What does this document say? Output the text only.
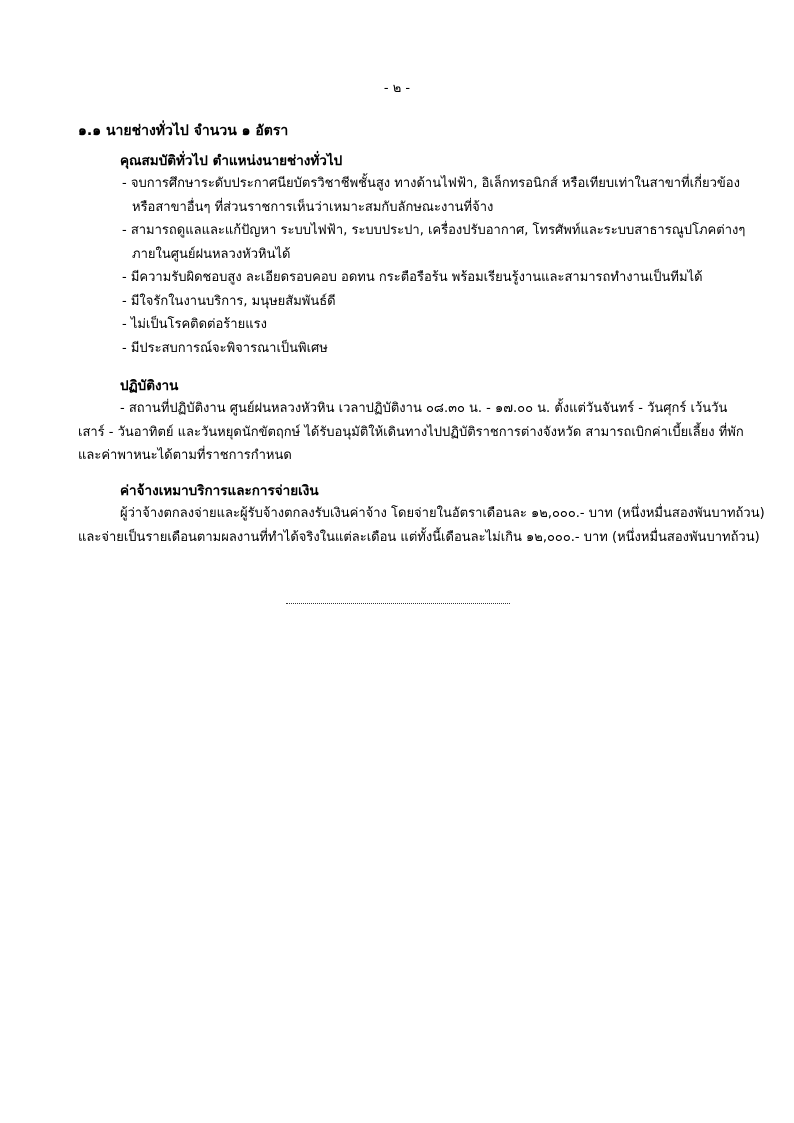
- ๒ -
๑.๑ นายช่างทั่วไป จำนวน ๑ อัตรา
คุณสมบัติทั่วไป ตำแหน่งนายช่างทั่วไป
- จบการศึกษาระดับประกาศนียบัตรวิชาชีพชั้นสูง ทางด้านไฟฟ้า, อิเล็กทรอนิกส์ หรือเทียบเท่าในสาขาที่เกี่ยวข้อง
หรือสาขาอื่นๆ ที่ส่วนราชการเห็นว่าเหมาะสมกับลักษณะงานที่จ้าง
- สามารถดูแลและแก้ปัญหา ระบบไฟฟ้า, ระบบประปา, เครื่องปรับอากาศ, โทรศัพท์และระบบสาธารณูปโภคต่างๆ
ภายในศูนย์ฝนหลวงหัวหินได้
- มีความรับผิดชอบสูง ละเอียดรอบคอบ อดทน กระตือรือร้น พร้อมเรียนรู้งานและสามารถทำงานเป็นทีมได้
- มีใจรักในงานบริการ, มนุษยสัมพันธ์ดี
- ไม่เป็นโรคติดต่อร้ายแรง
- มีประสบการณ์จะพิจารณาเป็นพิเศษ
ปฏิบัติงาน

- สถานที่ปฏิบัติงาน ศูนย์ฝนหลวงหัวหิน เวลาปฏิบัติงาน ๐๘.๓๐ น. - ๑๗.๐๐ น. ตั้งแต่วันจันทร์ - วันศุกร์ เว้นวัน
เสาร์ - วันอาทิตย์ และวันหยุดนักขัตฤกษ์ ได้รับอนุมัติให้เดินทางไปปฏิบัติราชการต่างจังหวัด สามารถเบิกค่าเบี้ยเลี้ยง ที่พัก
และค่าพาหนะได้ตามที่ราชการกำหนด

ค่าจ้างเหมาบริการและการจ่ายเงิน

ผู้ว่าจ้างตกลงจ่ายและผู้รับจ้างตกลงรับเงินค่าจ้าง โดยจ่ายในอัตราเดือนละ ๑๒,๐๐๐.- บาท (หนึ่งหมื่นสองพันบาทถ้วน)
และจ่ายเป็นรายเดือนตามผลงานที่ทำได้จริงในแต่ละเดือน แต่ทั้งนี้เดือนละไม่เกิน ๑๒,๐๐๐.- บาท (หนึ่งหมื่นสองพันบาทถ้วน)
